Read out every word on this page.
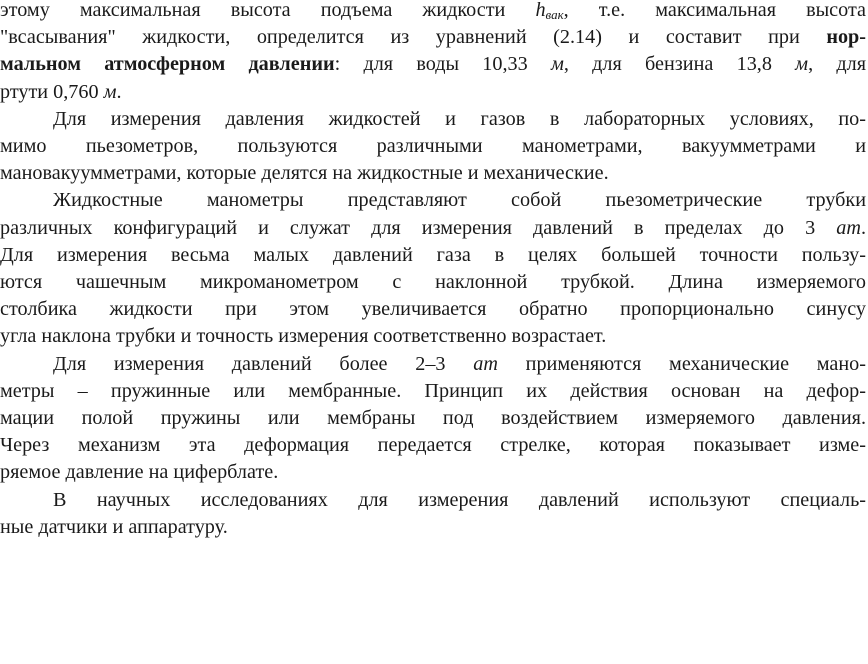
этому максимальная высота подъема жидкости $h_{вак}$, т.е. максимальная высота
"всасывания" жидкости, определится из уравнений (2.14) и составит при нор-
мальном атмосферном давлении: для воды 10,33 м, для бензина 13,8 м, для
ртути 0,760 м.
Для измерения давления жидкостей и газов в лабораторных условиях, по-
мимо пьезометров, пользуются различными манометрами, вакуумметрами и
мановакуумметрами, которые делятся на жидкостные и механические.
Жидкостные манометры представляют собой пьезометрические трубки
различных конфигураций и служат для измерения давлений в пределах до 3 ат.
Для измерения весьма малых давлений газа в целях большей точности пользу-
ются чашечным микроманометром с наклонной трубкой. Длина измеряемого
столбика жидкости при этом увеличивается обратно пропорционально синусу
угла наклона трубки и точность измерения соответственно возрастает.
Для измерения давлений более 2–3 ат применяются механические мано-
метры – пружинные или мембранные. Принцип их действия основан на дефор-
мации полой пружины или мембраны под воздействием измеряемого давления.
Через механизм эта деформация передается стрелке, которая показывает изме-
ряемое давление на циферблате.
В научных исследованиях для измерения давлений используют специаль-
ные датчики и аппаратуру.
